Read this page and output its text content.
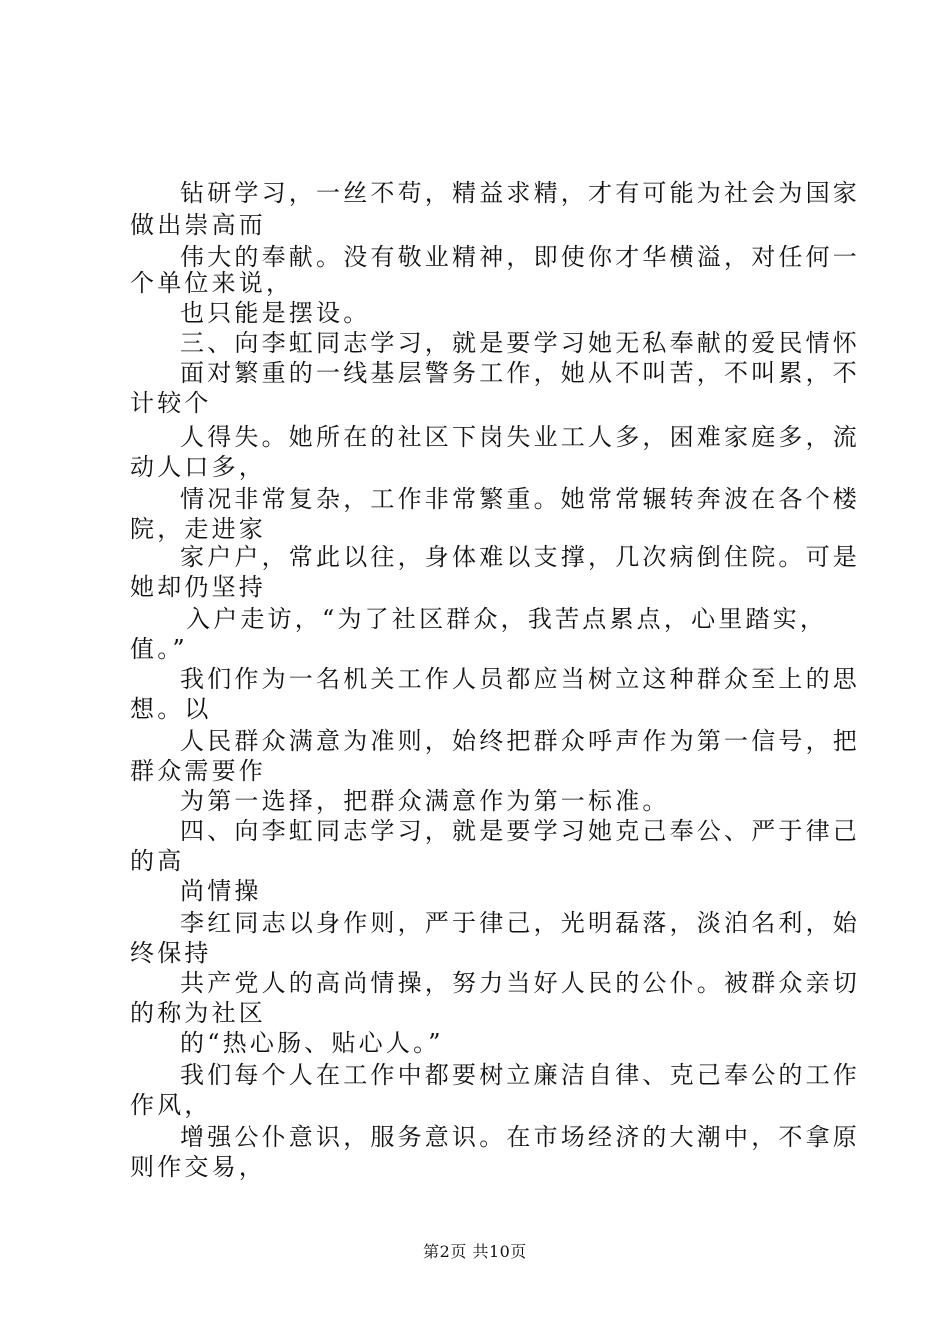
钻研学习，一丝不苟，精益求精，才有可能为社会为国家
做出崇高而
伟大的奉献。没有敬业精神，即使你才华横溢，对任何一
个单位来说，
也只能是摆设。
三、向李虹同志学习，就是要学习她无私奉献的爱民情怀
面对繁重的一线基层警务工作，她从不叫苦，不叫累，不
计较个
人得失。她所在的社区下岗失业工人多，困难家庭多，流
动人口多，
情况非常复杂，工作非常繁重。她常常辗转奔波在各个楼
院，走进家
家户户，常此以往，身体难以支撑，几次病倒住院。可是
她却仍坚持
入户走访，“为了社区群众，我苦点累点，心里踏实，
值。”
我们作为一名机关工作人员都应当树立这种群众至上的思
想。以
人民群众满意为准则，始终把群众呼声作为第一信号，把
群众需要作
为第一选择，把群众满意作为第一标准。
四、向李虹同志学习，就是要学习她克己奉公、严于律己
的高
尚情操
李红同志以身作则，严于律己，光明磊落，淡泊名利，始
终保持
共产党人的高尚情操，努力当好人民的公仆。被群众亲切
的称为社区
的“热心肠、贴心人。”
我们每个人在工作中都要树立廉洁自律、克己奉公的工作
作风，
增强公仆意识，服务意识。在市场经济的大潮中，不拿原
则作交易，
第2页 共10页
